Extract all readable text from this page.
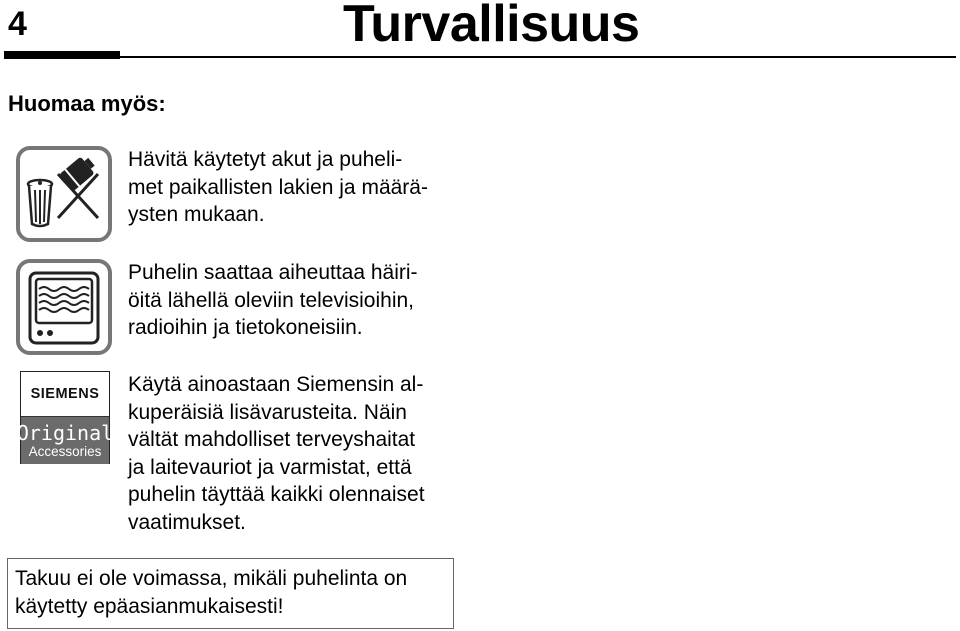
4	Turvallisuus
Huomaa myös:
Hävitä käytetyt akut ja puheli-
met paikallisten lakien ja määrä-
ysten mukaan.
Puhelin saattaa aiheuttaa häiri-
öitä lähellä oleviin televisioihin,
radioihin ja tietokoneisiin.
SIEMENS
Original
Accessories
Käytä ainoastaan Siemensin al-
kuperäisiä lisävarusteita. Näin
vältät mahdolliset terveyshaitat
ja laitevauriot ja varmistat, että
puhelin täyttää kaikki olennaiset
vaatimukset.
Takuu ei ole voimassa, mikäli puhelinta on
käytetty epäasianmukaisesti!
